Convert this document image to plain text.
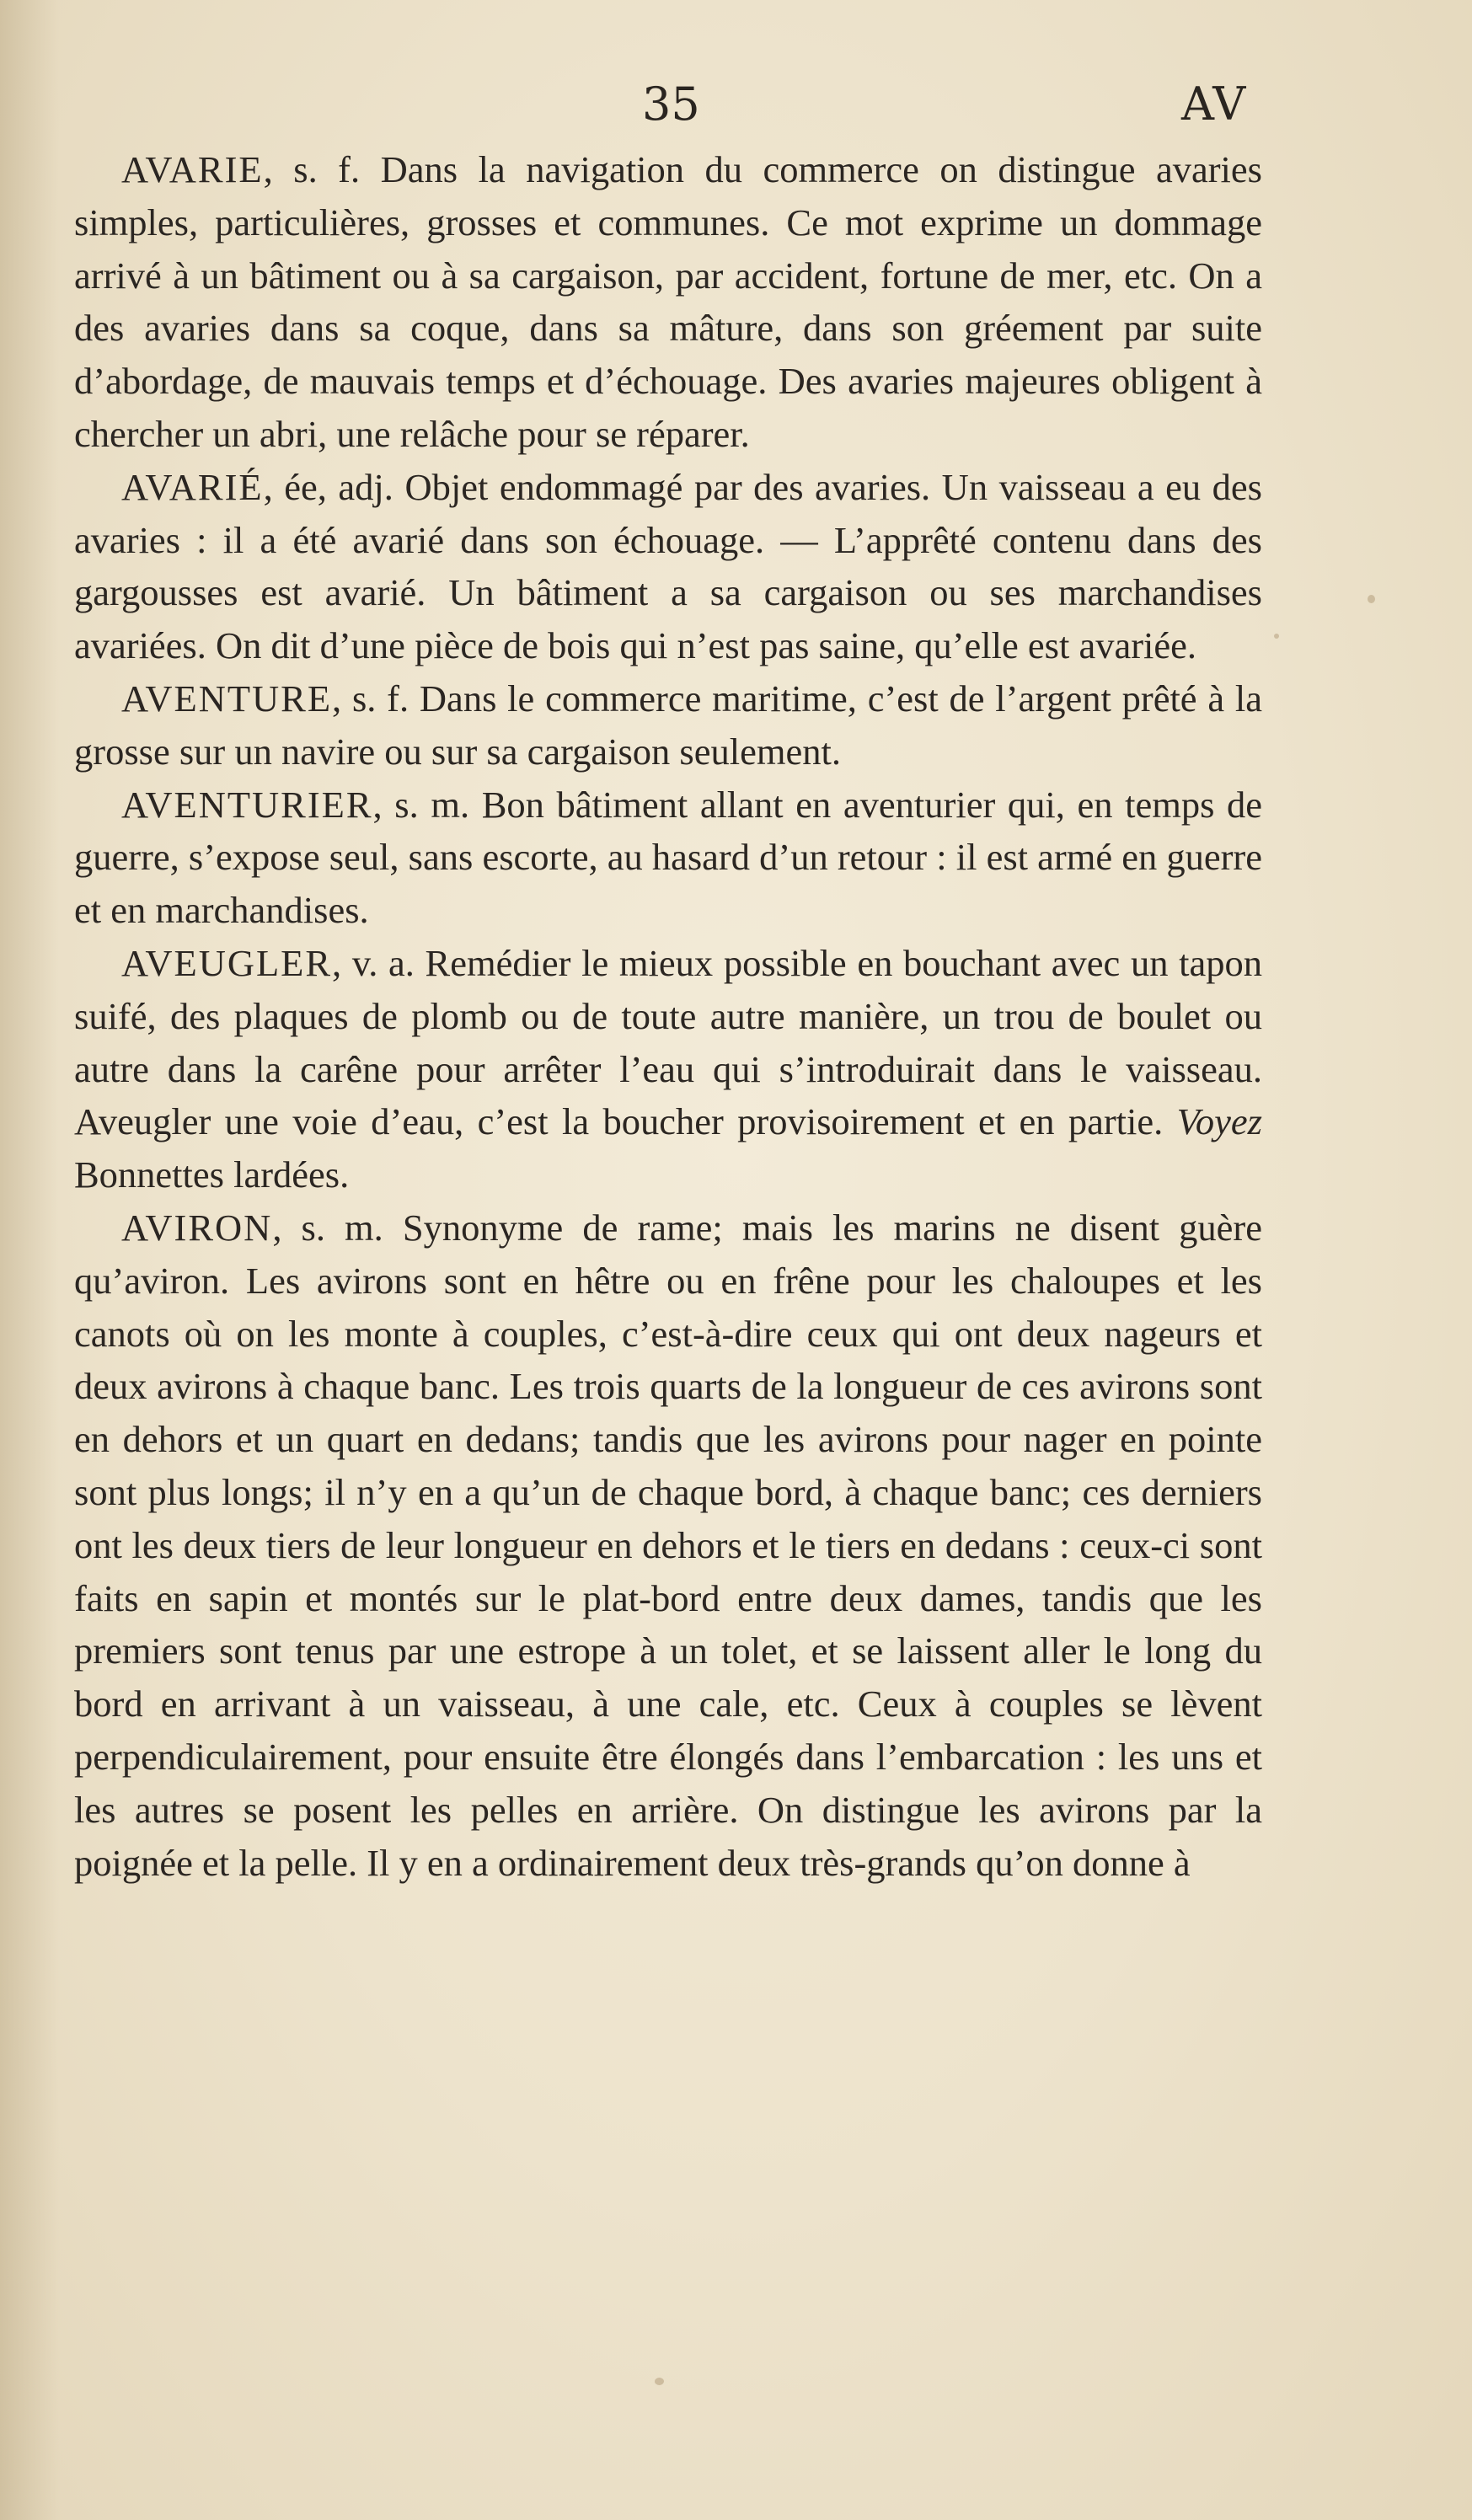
35	AV

AVARIE, s. f. Dans la navigation du commerce on distingue avaries simples, particulières, grosses et communes. Ce mot exprime un dommage arrivé à un bâtiment ou à sa cargaison, par accident, fortune de mer, etc. On a des avaries dans sa coque, dans sa mâture, dans son gréement par suite d’abordage, de mauvais temps et d’échouage. Des avaries majeures obligent à chercher un abri, une relâche pour se réparer.

AVARIÉ, ée, adj. Objet endommagé par des avaries. Un vaisseau a eu des avaries : il a été avarié dans son échouage. — L’apprêté contenu dans des gargousses est avarié. Un bâtiment a sa cargaison ou ses marchandises avariées. On dit d’une pièce de bois qui n’est pas saine, qu’elle est avariée.

AVENTURE, s. f. Dans le commerce maritime, c’est de l’argent prêté à la grosse sur un navire ou sur sa cargaison seulement.

AVENTURIER, s. m. Bon bâtiment allant en aventurier qui, en temps de guerre, s’expose seul, sans escorte, au hasard d’un retour : il est armé en guerre et en marchandises.

AVEUGLER, v. a. Remédier le mieux possible en bouchant avec un tapon suifé, des plaques de plomb ou de toute autre manière, un trou de boulet ou autre dans la carêne pour arrêter l’eau qui s’introduirait dans le vaisseau. Aveugler une voie d’eau, c’est la boucher provisoirement et en partie. Voyez Bonnettes lardées.

AVIRON, s. m. Synonyme de rame; mais les marins ne disent guère qu’aviron. Les avirons sont en hêtre ou en frêne pour les chaloupes et les canots où on les monte à couples, c’est-à-dire ceux qui ont deux nageurs et deux avirons à chaque banc. Les trois quarts de la longueur de ces avirons sont en dehors et un quart en dedans; tandis que les avirons pour nager en pointe sont plus longs; il n’y en a qu’un de chaque bord, à chaque banc; ces derniers ont les deux tiers de leur longueur en dehors et le tiers en dedans : ceux-ci sont faits en sapin et montés sur le plat-bord entre deux dames, tandis que les premiers sont tenus par une estrope à un tolet, et se laissent aller le long du bord en arrivant à un vaisseau, à une cale, etc. Ceux à couples se lèvent perpendiculairement, pour ensuite être élongés dans l’embarcation : les uns et les autres se posent les pelles en arrière. On distingue les avirons par la poignée et la pelle. Il y en a ordinairement deux très-grands qu’on donne à
